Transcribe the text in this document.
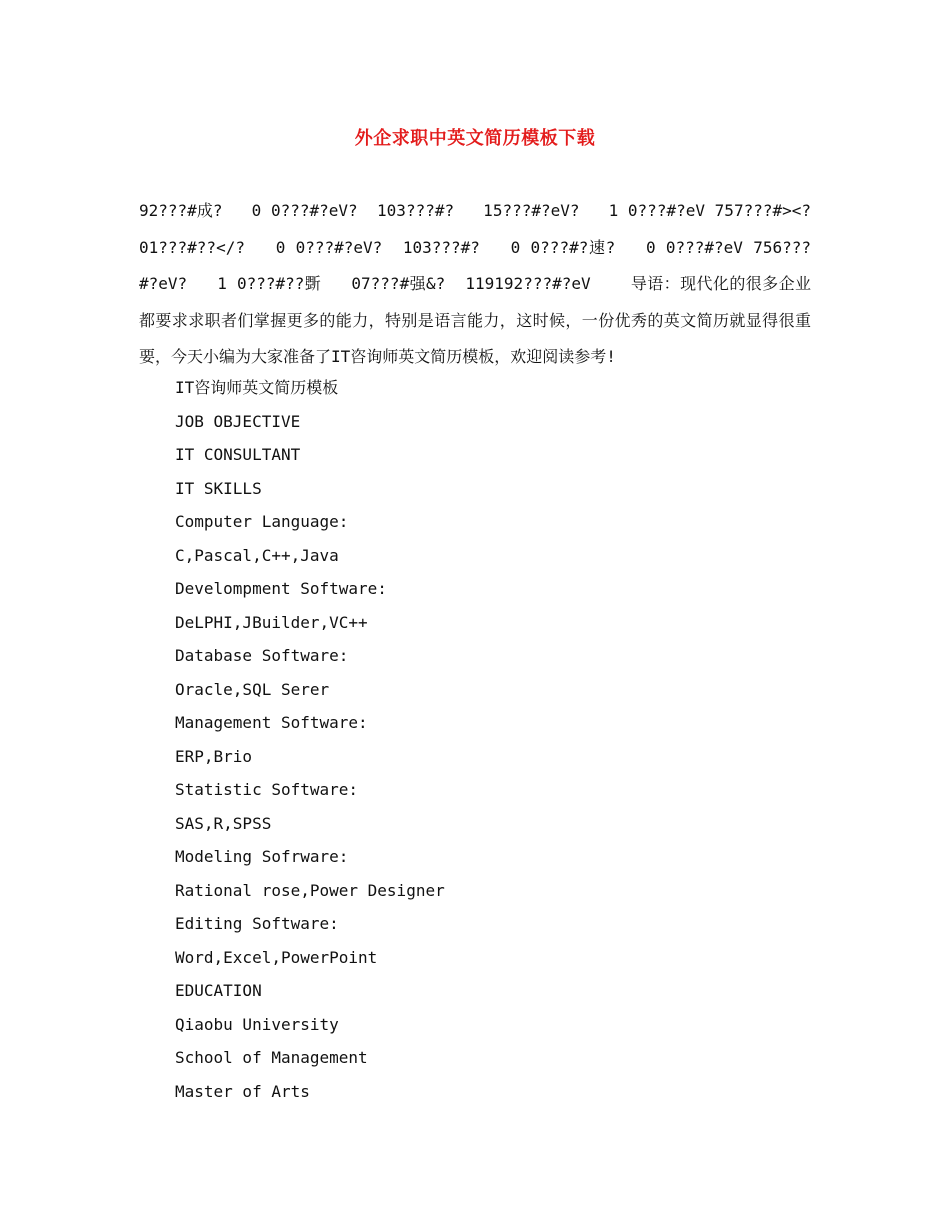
外企求职中英文简历模板下载
92???#成?   0 0???#?eV?  103???#?   15???#?eV?   1 0???#?eV 757???#><?01???#??</?   0 0???#?eV?  103???#?   0 0???#?速?   0 0???#?eV 756???#?eV?   1 0???#??斲   07???#强&?  119192???#?eV    导语：现代化的很多企业都要求求职者们掌握更多的能力，特别是语言能力，这时候，一份优秀的英文简历就显得很重要，今天小编为大家准备了IT咨询师英文简历模板，欢迎阅读参考!
IT咨询师英文简历模板
JOB OBJECTIVE
IT CONSULTANT
IT SKILLS
Computer Language:
C,Pascal,C++,Java
Develompment Software:
DeLPHI,JBuilder,VC++
Database Software:
Oracle,SQL Serer
Management Software:
ERP,Brio
Statistic Software:
SAS,R,SPSS
Modeling Sofrware:
Rational rose,Power Designer
Editing Software:
Word,Excel,PowerPoint
EDUCATION
Qiaobu University
School of Management
Master of Arts
